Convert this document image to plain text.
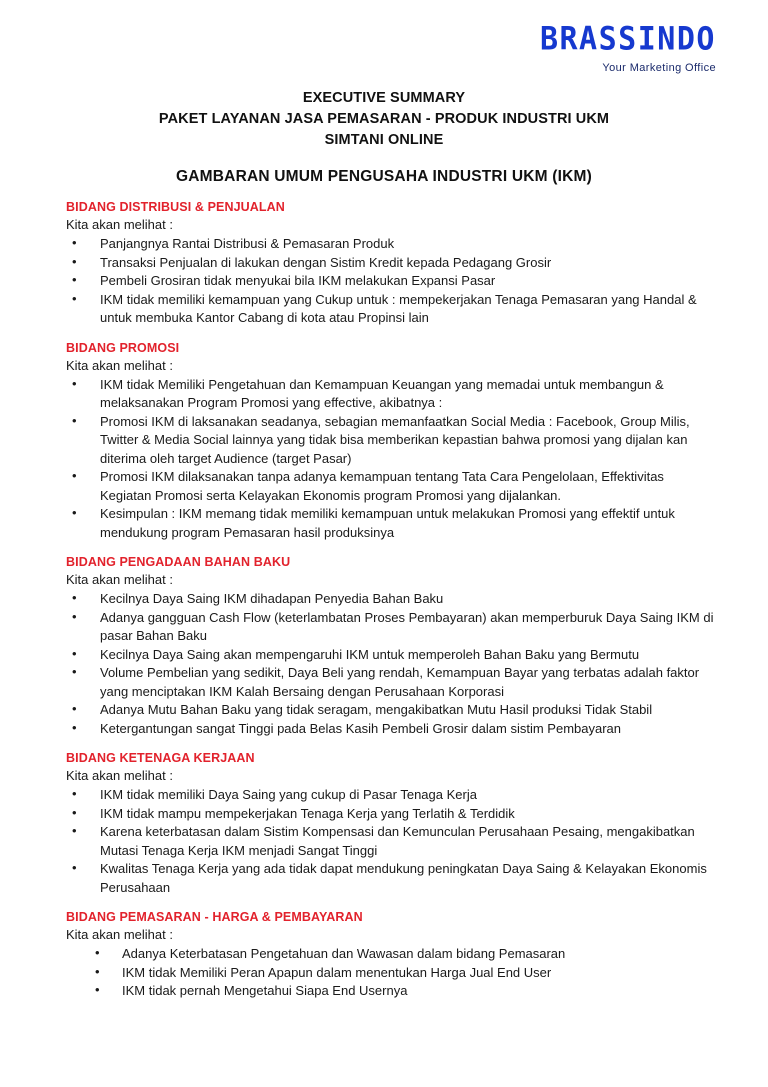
BRASSINDO
Your Marketing Office
EXECUTIVE SUMMARY
PAKET LAYANAN JASA PEMASARAN - PRODUK INDUSTRI UKM
SIMTANI ONLINE
GAMBARAN UMUM PENGUSAHA INDUSTRI UKM (IKM)
BIDANG DISTRIBUSI & PENJUALAN
Kita akan melihat :
• Panjangnya Rantai Distribusi & Pemasaran Produk
• Transaksi Penjualan di lakukan dengan Sistim Kredit kepada Pedagang Grosir
• Pembeli Grosiran tidak menyukai bila IKM melakukan Expansi Pasar
• IKM tidak memiliki kemampuan yang Cukup untuk : mempekerjakan Tenaga Pemasaran yang Handal & untuk membuka Kantor Cabang di kota atau Propinsi lain
BIDANG PROMOSI
Kita akan melihat :
• IKM tidak Memiliki Pengetahuan dan Kemampuan Keuangan yang memadai untuk membangun & melaksanakan Program Promosi yang effective, akibatnya :
• Promosi IKM di laksanakan seadanya, sebagian memanfaatkan Social Media : Facebook, Group Milis, Twitter & Media Social lainnya yang tidak bisa memberikan kepastian bahwa promosi yang dijalan kan diterima oleh target Audience (target Pasar)
• Promosi IKM dilaksanakan tanpa adanya kemampuan tentang Tata Cara Pengelolaan, Effektivitas Kegiatan Promosi serta Kelayakan Ekonomis program Promosi yang dijalankan.
• Kesimpulan : IKM memang tidak memiliki kemampuan untuk melakukan Promosi yang effektif untuk mendukung program Pemasaran hasil produksinya
BIDANG PENGADAAN BAHAN BAKU
Kita akan melihat :
• Kecilnya Daya Saing IKM dihadapan Penyedia Bahan Baku
• Adanya gangguan Cash Flow (keterlambatan Proses Pembayaran) akan memperburuk Daya Saing IKM di pasar Bahan Baku
• Kecilnya Daya Saing akan mempengaruhi IKM untuk memperoleh Bahan Baku yang Bermutu
• Volume Pembelian yang sedikit, Daya Beli yang rendah, Kemampuan Bayar yang terbatas adalah faktor yang menciptakan IKM Kalah Bersaing dengan Perusahaan Korporasi
• Adanya Mutu Bahan Baku yang tidak seragam, mengakibatkan Mutu Hasil produksi Tidak Stabil
• Ketergantungan sangat Tinggi pada Belas Kasih Pembeli Grosir dalam sistim Pembayaran
BIDANG KETENAGA KERJAAN
Kita akan melihat :
• IKM tidak memiliki Daya Saing yang cukup di Pasar Tenaga Kerja
• IKM tidak mampu mempekerjakan Tenaga Kerja yang Terlatih & Terdidik
• Karena keterbatasan dalam Sistim Kompensasi dan Kemunculan Perusahaan Pesaing, mengakibatkan Mutasi Tenaga Kerja IKM menjadi Sangat Tinggi
• Kwalitas Tenaga Kerja yang ada tidak dapat mendukung peningkatan Daya Saing & Kelayakan Ekonomis Perusahaan
BIDANG PEMASARAN - HARGA & PEMBAYARAN
Kita akan melihat :
• Adanya Keterbatasan Pengetahuan dan Wawasan dalam bidang Pemasaran
• IKM tidak Memiliki Peran Apapun dalam menentukan Harga Jual End User
• IKM tidak pernah Mengetahui Siapa End Usernya
